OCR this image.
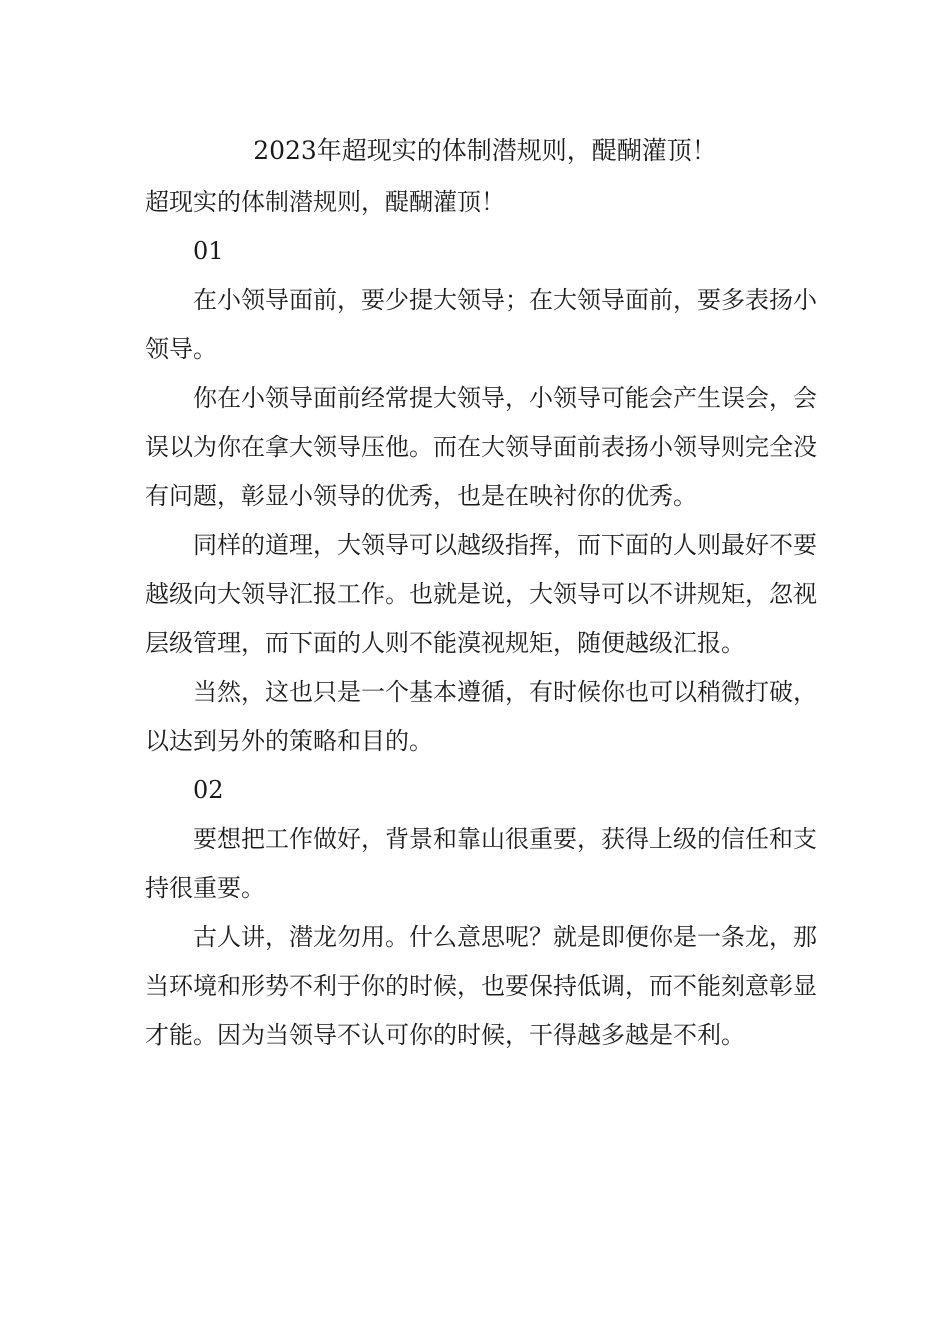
2023年超现实的体制潜规则，醍醐灌顶！

超现实的体制潜规则，醍醐灌顶！

01

在小领导面前，要少提大领导；在大领导面前，要多表扬小领导。

你在小领导面前经常提大领导，小领导可能会产生误会，会误以为你在拿大领导压他。而在大领导面前表扬小领导则完全没有问题，彰显小领导的优秀，也是在映衬你的优秀。

同样的道理，大领导可以越级指挥，而下面的人则最好不要越级向大领导汇报工作。也就是说，大领导可以不讲规矩，忽视层级管理，而下面的人则不能漠视规矩，随便越级汇报。

当然，这也只是一个基本遵循，有时候你也可以稍微打破，以达到另外的策略和目的。

02

要想把工作做好，背景和靠山很重要，获得上级的信任和支持很重要。

古人讲，潜龙勿用。什么意思呢？就是即便你是一条龙，那当环境和形势不利于你的时候，也要保持低调，而不能刻意彰显才能。因为当领导不认可你的时候，干得越多越是不利。
